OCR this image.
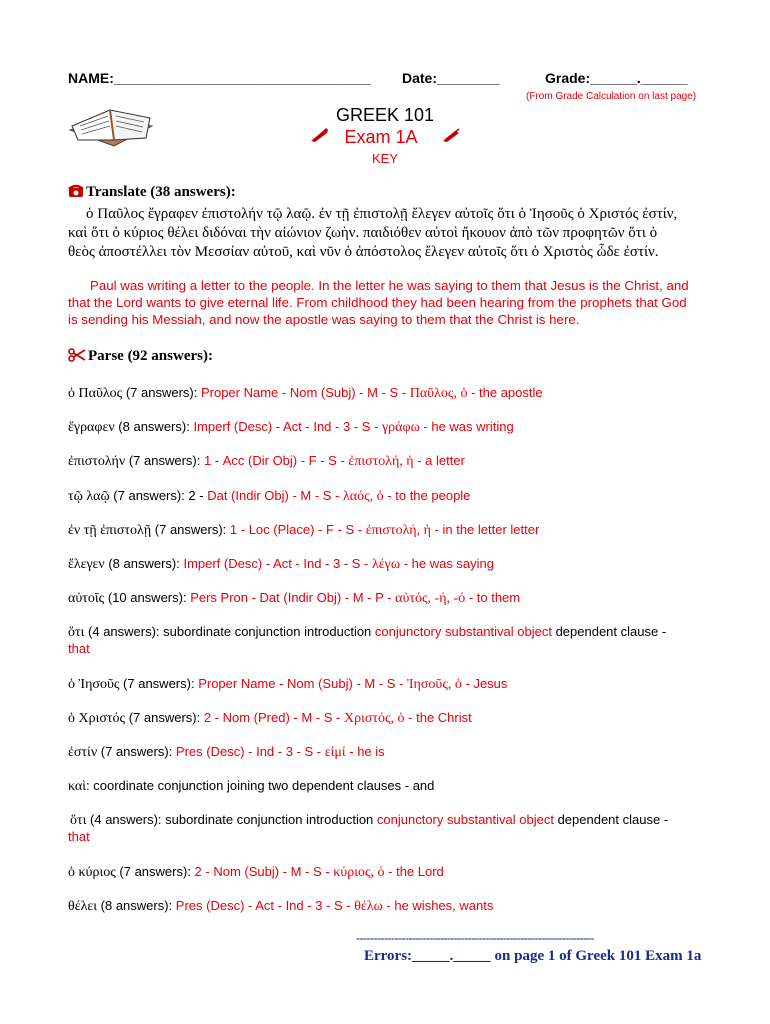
NAME:_________________________________ Date:________	Grade:______.______
(From Grade Calculation on last page)
GREEK 101
Exam 1A
KEY
Translate (38 answers):
ὁ Παῦλος ἔγραφεν ἐπιστολήν τῷ λαῷ. ἐν τῇ ἐπιστολῇ ἔλεγεν αὐτοῖς ὅτι ὁ Ἰησοῦς ὁ Χριστός ἐστίν,
καὶ ὅτι ὁ κύριος θέλει διδόναι τὴν αἰώνιον ζωὴν. παιδιόθεν αὐτοὶ ἤκουον ἀπὸ τῶν προφητῶν ὅτι ὁ
θεὸς ἀποστέλλει τὸν Μεσσίαν αὐτοῦ, καὶ νῦν ὁ ἀπόστολος ἔλεγεν αὐτοῖς ὅτι ὁ Χριστὸς ὧδε ἐστίν.
Paul was writing a letter to the people. In the letter he was saying to them that Jesus is the Christ, and
that the Lord wants to give eternal life. From childhood they had been hearing from the prophets that God
is sending his Messiah, and now the apostle was saying to them that the Christ is here.
Parse (92 answers):
ὁ Παῦλος (7 answers): Proper Name - Nom (Subj) - M - S - Παῦλος, ὁ - the apostle
ἔγραφεν (8 answers): Imperf (Desc) - Act - Ind - 3 - S - γράφω - he was writing
ἐπιστολήν (7 answers): 1 - Acc (Dir Obj) - F - S - ἐπιστολή, ἡ - a letter
τῷ λαῷ (7 answers): 2 - Dat (Indir Obj) - M - S - λαός, ὁ - to the people
ἐν τῇ ἐπιστολῇ (7 answers): 1 - Loc (Place) - F - S - ἐπιστολή, ἡ - in the letter letter
ἔλεγεν (8 answers): Imperf (Desc) - Act - Ind - 3 - S - λέγω - he was saying
αὐτοῖς (10 answers): Pers Pron - Dat (Indir Obj) - M - P - αὐτός, -ή, -ό - to them
ὅτι (4 answers): subordinate conjunction introduction conjunctory substantival object dependent clause -
that
ὁ Ἰησοῦς (7 answers): Proper Name - Nom (Subj) - M - S - Ἰησοῦς, ὁ - Jesus
ὁ Χριστός (7 answers): 2 - Nom (Pred) - M - S - Χριστός, ὁ - the Christ
ἐστίν (7 answers): Pres (Desc) - Ind - 3 - S - εἰμί - he is
καὶ: coordinate conjunction joining two dependent clauses - and
ὅτι (4 answers): subordinate conjunction introduction conjunctory substantival object dependent clause -
that
ὁ κύριος (7 answers): 2 - Nom (Subj) - M - S - κύριος, ὁ - the Lord
θέλει (8 answers): Pres (Desc) - Act - Ind - 3 - S - θέλω - he wishes, wants
--------------------------------------------------------------------
Errors:_____._____ on page 1 of Greek 101 Exam 1a
